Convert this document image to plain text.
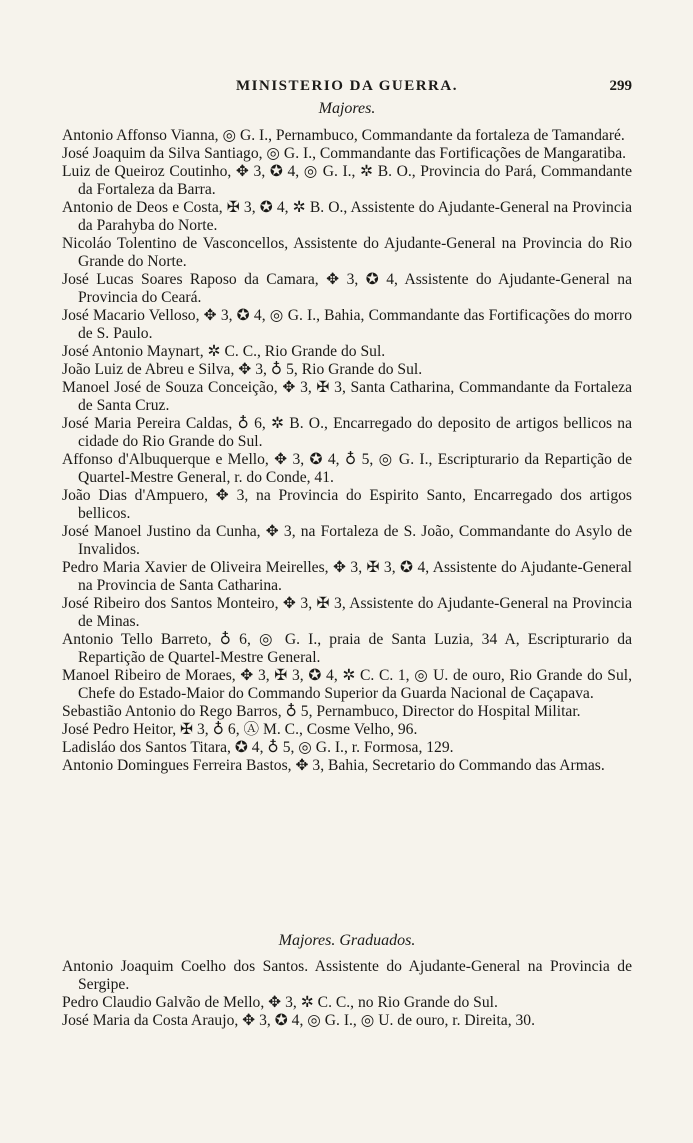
MINISTERIO DA GUERRA.	299
Majores.
Antonio Affonso Vianna, ◎ G. I., Pernambuco, Commandante da fortaleza de Tamandaré.
José Joaquim da Silva Santiago, ◎ G. I., Commandante das Fortificações de Mangaratiba.
Luiz de Queiroz Coutinho, ✥ 3, ✪ 4, ◎ G. I., ✲ B. O., Provincia do Pará, Commandante da Fortaleza da Barra.
Antonio de Deos e Costa, ✠ 3, ✪ 4, ✲ B. O., Assistente do Ajudante-General na Provincia da Parahyba do Norte.
Nicoláo Tolentino de Vasconcellos, Assistente do Ajudante-General na Provincia do Rio Grande do Norte.
José Lucas Soares Raposo da Camara, ✥ 3, ✪ 4, Assistente do Ajudante-General na Provincia do Ceará.
José Macario Velloso, ✥ 3, ✪ 4, ◎ G. I., Bahia, Commandante das Fortificações do morro de S. Paulo.
José Antonio Maynart, ✲ C. C., Rio Grande do Sul.
João Luiz de Abreu e Silva, ✥ 3, ♁ 5, Rio Grande do Sul.
Manoel José de Souza Conceição, ✥ 3, ✠ 3, Santa Catharina, Commandante da Fortaleza de Santa Cruz.
José Maria Pereira Caldas, ♁ 6, ✲ B. O., Encarregado do deposito de artigos bellicos na cidade do Rio Grande do Sul.
Affonso d'Albuquerque e Mello, ✥ 3, ✪ 4, ♁ 5, ◎ G. I., Escripturario da Repartição de Quartel-Mestre General, r. do Conde, 41.
João Dias d'Ampuero, ✥ 3, na Provincia do Espirito Santo, Encarregado dos artigos bellicos.
José Manoel Justino da Cunha, ✥ 3, na Fortaleza de S. João, Commandante do Asylo de Invalidos.
Pedro Maria Xavier de Oliveira Meirelles, ✥ 3, ✠ 3, ✪ 4, Assistente do Ajudante-General na Provincia de Santa Catharina.
José Ribeiro dos Santos Monteiro, ✥ 3, ✠ 3, Assistente do Ajudante-General na Provincia de Minas.
Antonio Tello Barreto, ♁ 6, ◎ G. I., praia de Santa Luzia, 34 A, Escripturario da Repartição de Quartel-Mestre General.
Manoel Ribeiro de Moraes, ✥ 3, ✠ 3, ✪ 4, ✲ C. C. 1, ◎ U. de ouro, Rio Grande do Sul, Chefe do Estado-Maior do Commando Superior da Guarda Nacional de Caçapava.
Sebastião Antonio do Rego Barros, ♁ 5, Pernambuco, Director do Hospital Militar.
José Pedro Heitor, ✠ 3, ♁ 6, Ⓐ M. C., Cosme Velho, 96.
Ladisláo dos Santos Titara, ✪ 4, ♁ 5, ◎ G. I., r. Formosa, 129.
Antonio Domingues Ferreira Bastos, ✥ 3, Bahia, Secretario do Commando das Armas.
Majores. Graduados.
Antonio Joaquim Coelho dos Santos. Assistente do Ajudante-General na Provincia de Sergipe.
Pedro Claudio Galvão de Mello, ✥ 3, ✲ C. C., no Rio Grande do Sul.
José Maria da Costa Araujo, ✥ 3, ✪ 4, ◎ G. I., ◎ U. de ouro, r. Direita, 30.
